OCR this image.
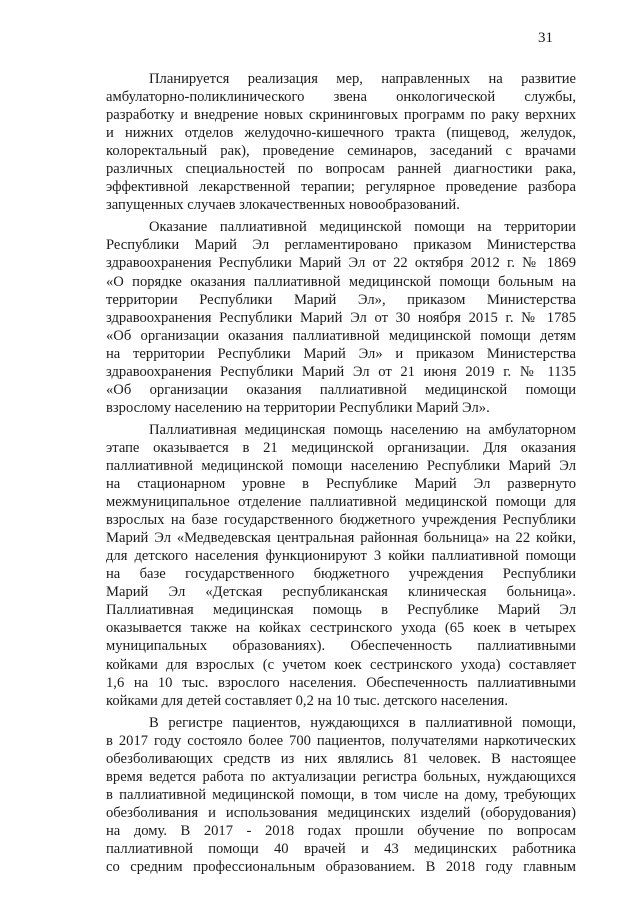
31
Планируется реализация мер, направленных на развитие
амбулаторно-поликлинического звена онкологической службы,
разработку и внедрение новых скрининговых программ по раку верхних
и нижних отделов желудочно-кишечного тракта (пищевод, желудок,
колоректальный рак), проведение семинаров, заседаний с врачами
различных специальностей по вопросам ранней диагностики рака,
эффективной лекарственной терапии; регулярное проведение разбора
запущенных случаев злокачественных новообразований.
Оказание паллиативной медицинской помощи на территории
Республики Марий Эл регламентировано приказом Министерства
здравоохранения Республики Марий Эл от 22 октября 2012 г. № 1869
«О порядке оказания паллиативной медицинской помощи больным на
территории Республики Марий Эл», приказом Министерства
здравоохранения Республики Марий Эл от 30 ноября 2015 г. № 1785
«Об организации оказания паллиативной медицинской помощи детям
на территории Республики Марий Эл» и приказом Министерства
здравоохранения Республики Марий Эл от 21 июня 2019 г. № 1135
«Об организации оказания паллиативной медицинской помощи
взрослому населению на территории Республики Марий Эл».
Паллиативная медицинская помощь населению на амбулаторном
этапе оказывается в 21 медицинской организации. Для оказания
паллиативной медицинской помощи населению Республики Марий Эл
на стационарном уровне в Республике Марий Эл развернуто
межмуниципальное отделение паллиативной медицинской помощи для
взрослых на базе государственного бюджетного учреждения Республики
Марий Эл «Медведевская центральная районная больница» на 22 койки,
для детского населения функционируют 3 койки паллиативной помощи
на базе государственного бюджетного учреждения Республики
Марий Эл «Детская республиканская клиническая больница».
Паллиативная медицинская помощь в Республике Марий Эл
оказывается также на койках сестринского ухода (65 коек в четырех
муниципальных образованиях). Обеспеченность паллиативными
койками для взрослых (с учетом коек сестринского ухода) составляет
1,6 на 10 тыс. взрослого населения. Обеспеченность паллиативными
койками для детей составляет 0,2 на 10 тыс. детского населения.
В регистре пациентов, нуждающихся в паллиативной помощи,
в 2017 году состояло более 700 пациентов, получателями наркотических
обезболивающих средств из них являлись 81 человек. В настоящее
время ведется работа по актуализации регистра больных, нуждающихся
в паллиативной медицинской помощи, в том числе на дому, требующих
обезболивания и использования медицинских изделий (оборудования)
на дому. В 2017 - 2018 годах прошли обучение по вопросам
паллиативной помощи 40 врачей и 43 медицинских работника
со средним профессиональным образованием. В 2018 году главным
